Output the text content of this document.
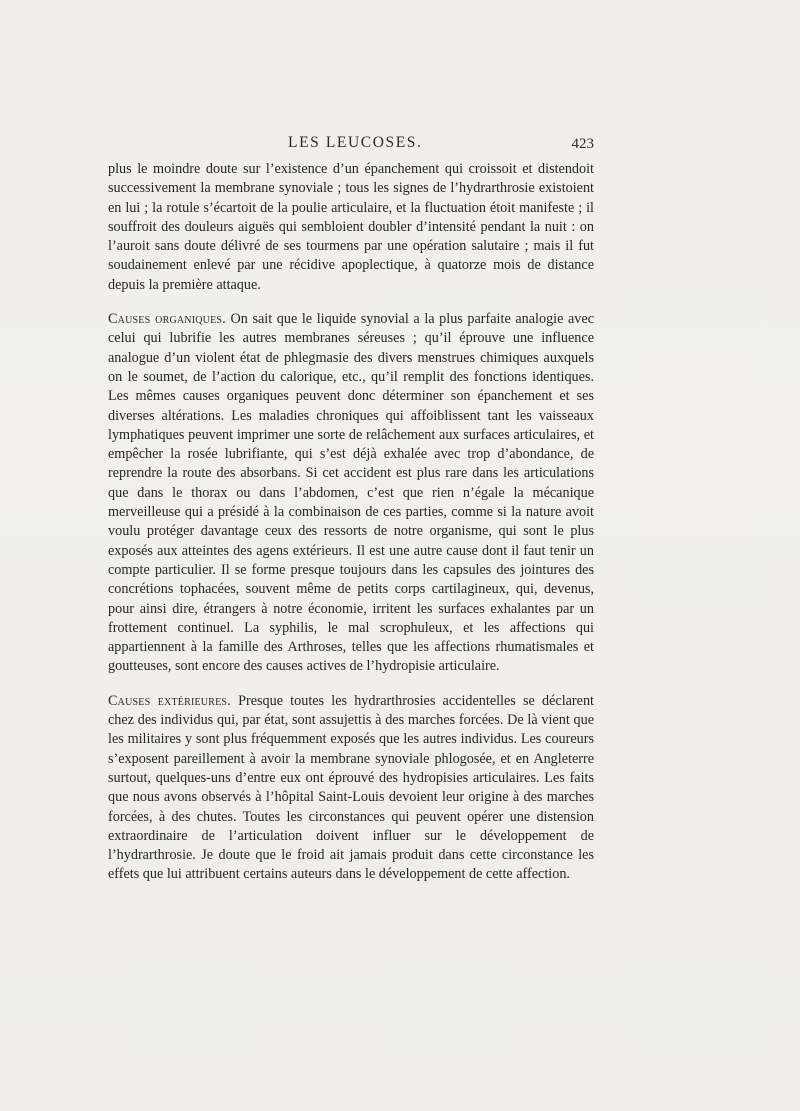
LES LEUCOSES.	423

plus le moindre doute sur l’existence d’un épanchement qui croissoit et distendoit successivement la membrane synoviale ; tous les signes de l’hydrarthrosie existoient en lui ; la rotule s’écartoit de la poulie articulaire, et la fluctuation étoit manifeste ; il souffroit des douleurs aiguës qui sembloient doubler d’intensité pendant la nuit : on l’auroit sans doute délivré de ses tourmens par une opération salutaire ; mais il fut soudainement enlevé par une récidive apoplectique, à quatorze mois de distance depuis la première attaque.

Causes organiques. On sait que le liquide synovial a la plus parfaite analogie avec celui qui lubrifie les autres membranes séreuses ; qu’il éprouve une influence analogue d’un violent état de phlegmasie des divers menstrues chimiques auxquels on le soumet, de l’action du calorique, etc., qu’il remplit des fonctions identiques. Les mêmes causes organiques peuvent donc déterminer son épanchement et ses diverses altérations. Les maladies chroniques qui affoiblissent tant les vaisseaux lymphatiques peuvent imprimer une sorte de relâchement aux surfaces articulaires, et empêcher la rosée lubrifiante, qui s’est déjà exhalée avec trop d’abondance, de reprendre la route des absorbans. Si cet accident est plus rare dans les articulations que dans le thorax ou dans l’abdomen, c’est que rien n’égale la mécanique merveilleuse qui a présidé à la combinaison de ces parties, comme si la nature avoit voulu protéger davantage ceux des ressorts de notre organisme, qui sont le plus exposés aux atteintes des agens extérieurs. Il est une autre cause dont il faut tenir un compte particulier. Il se forme presque toujours dans les capsules des jointures des concrétions tophacées, souvent même de petits corps cartilagineux, qui, devenus, pour ainsi dire, étrangers à notre économie, irritent les surfaces exhalantes par un frottement continuel. La syphilis, le mal scrophuleux, et les affections qui appartiennent à la famille des Arthroses, telles que les affections rhumatismales et goutteuses, sont encore des causes actives de l’hydropisie articulaire.

Causes extérieures. Presque toutes les hydrarthrosies accidentelles se déclarent chez des individus qui, par état, sont assujettis à des marches forcées. De là vient que les militaires y sont plus fréquemment exposés que les autres individus. Les coureurs s’exposent pareillement à avoir la membrane synoviale phlogosée, et en Angleterre surtout, quelques-uns d’entre eux ont éprouvé des hydropisies articulaires. Les faits que nous avons observés à l’hôpital Saint-Louis devoient leur origine à des marches forcées, à des chutes. Toutes les circonstances qui peuvent opérer une distension extraordinaire de l’articulation doivent influer sur le développement de l’hydrarthrosie. Je doute que le froid ait jamais produit dans cette circonstance les effets que lui attribuent certains auteurs dans le développement de cette affection.
